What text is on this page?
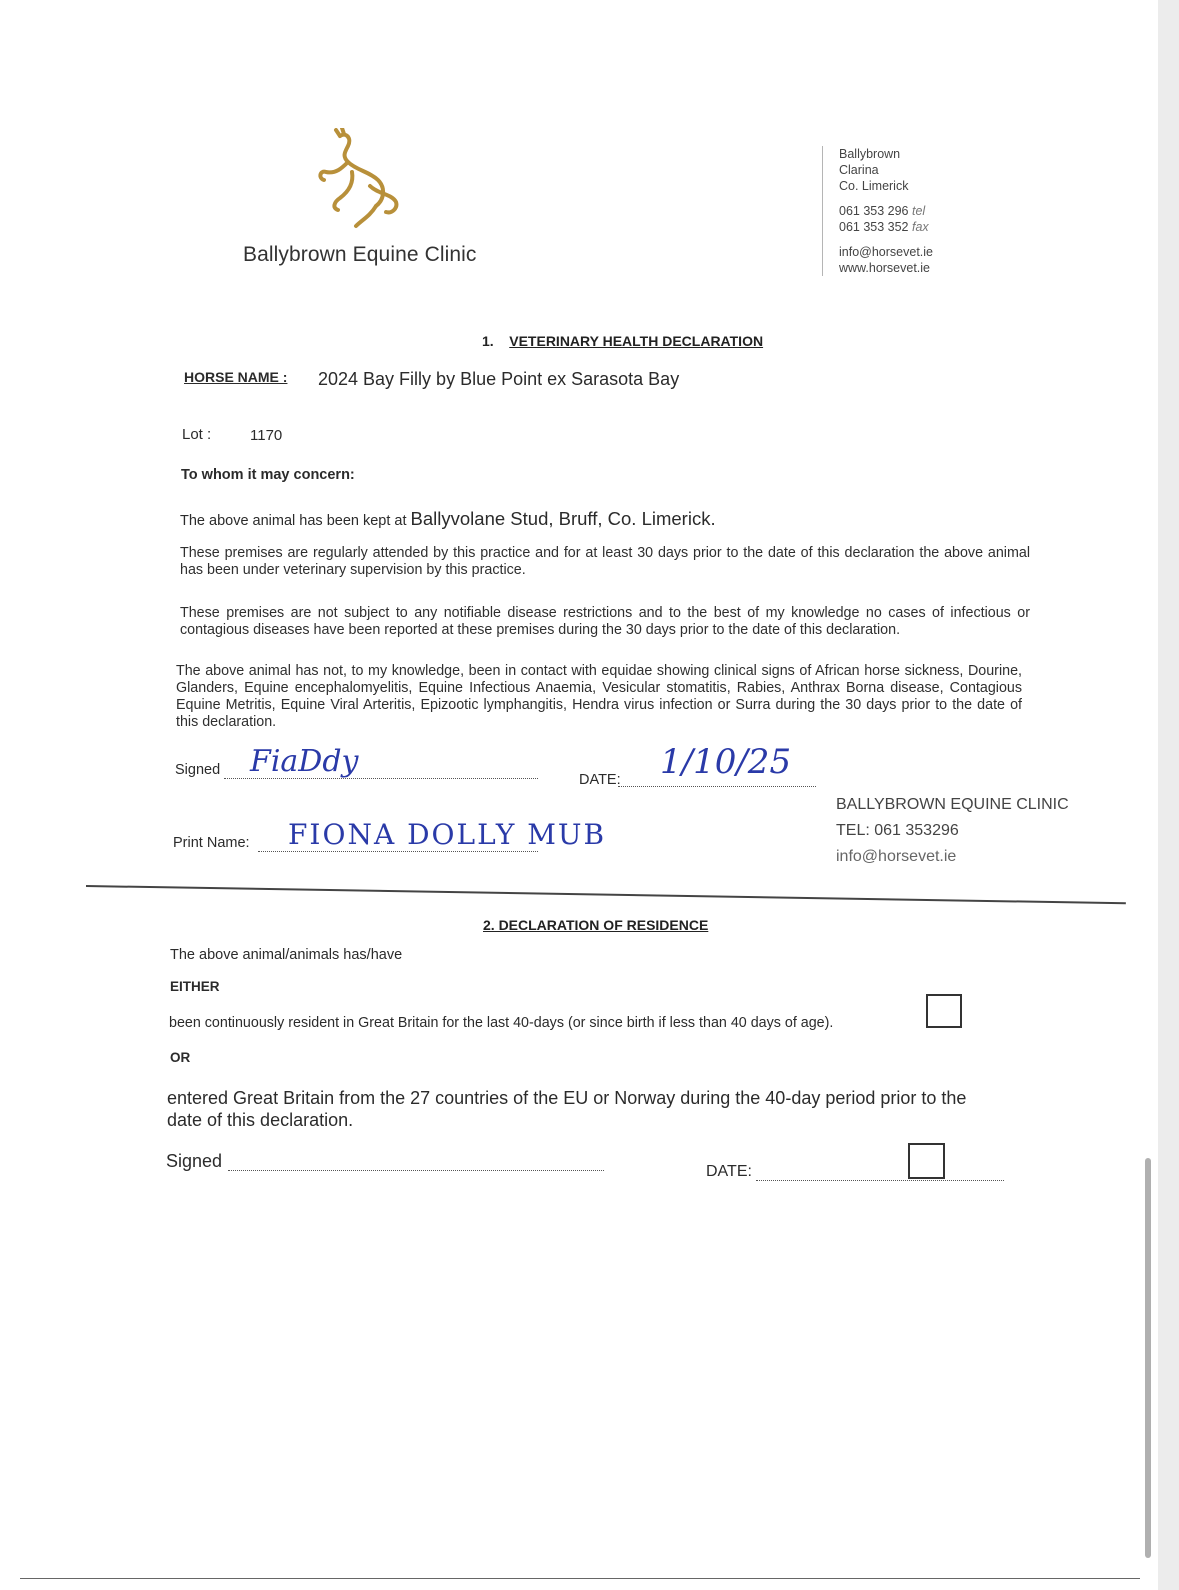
Ballybrown Equine Clinic
Ballybrown
Clarina
Co. Limerick
061 353 296 tel
061 353 352 fax
info@horsevet.ie
www.horsevet.ie
1. VETERINARY HEALTH DECLARATION
HORSE NAME : 2024 Bay Filly by Blue Point ex Sarasota Bay
Lot :	1170
To whom it may concern:
The above animal has been kept at Ballyvolane Stud, Bruff, Co. Limerick.
These premises are regularly attended by this practice and for at least 30 days prior to the date of this declaration the above animal has been under veterinary supervision by this practice.
These premises are not subject to any notifiable disease restrictions and to the best of my knowledge no cases of infectious or contagious diseases have been reported at these premises during the 30 days prior to the date of this declaration.
The above animal has not, to my knowledge, been in contact with equidae showing clinical signs of African horse sickness, Dourine, Glanders, Equine encephalomyelitis, Equine Infectious Anaemia, Vesicular stomatitis, Rabies, Anthrax Borna disease, Contagious Equine Metritis, Equine Viral Arteritis, Epizootic lymphangitis, Hendra virus infection or Surra during the 30 days prior to the date of this declaration.
Signed FiaDdy
DATE: 1/10/25
Print Name: FIONA DOLLY MUB
BALLYBROWN EQUINE CLINIC
TEL: 061 353296
info@horsevet.ie
2. DECLARATION OF RESIDENCE
The above animal/animals has/have
EITHER
been continuously resident in Great Britain for the last 40-days (or since birth if less than 40 days of age).
OR
entered Great Britain from the 27 countries of the EU or Norway during the 40-day period prior to the date of this declaration.
Signed
DATE:
